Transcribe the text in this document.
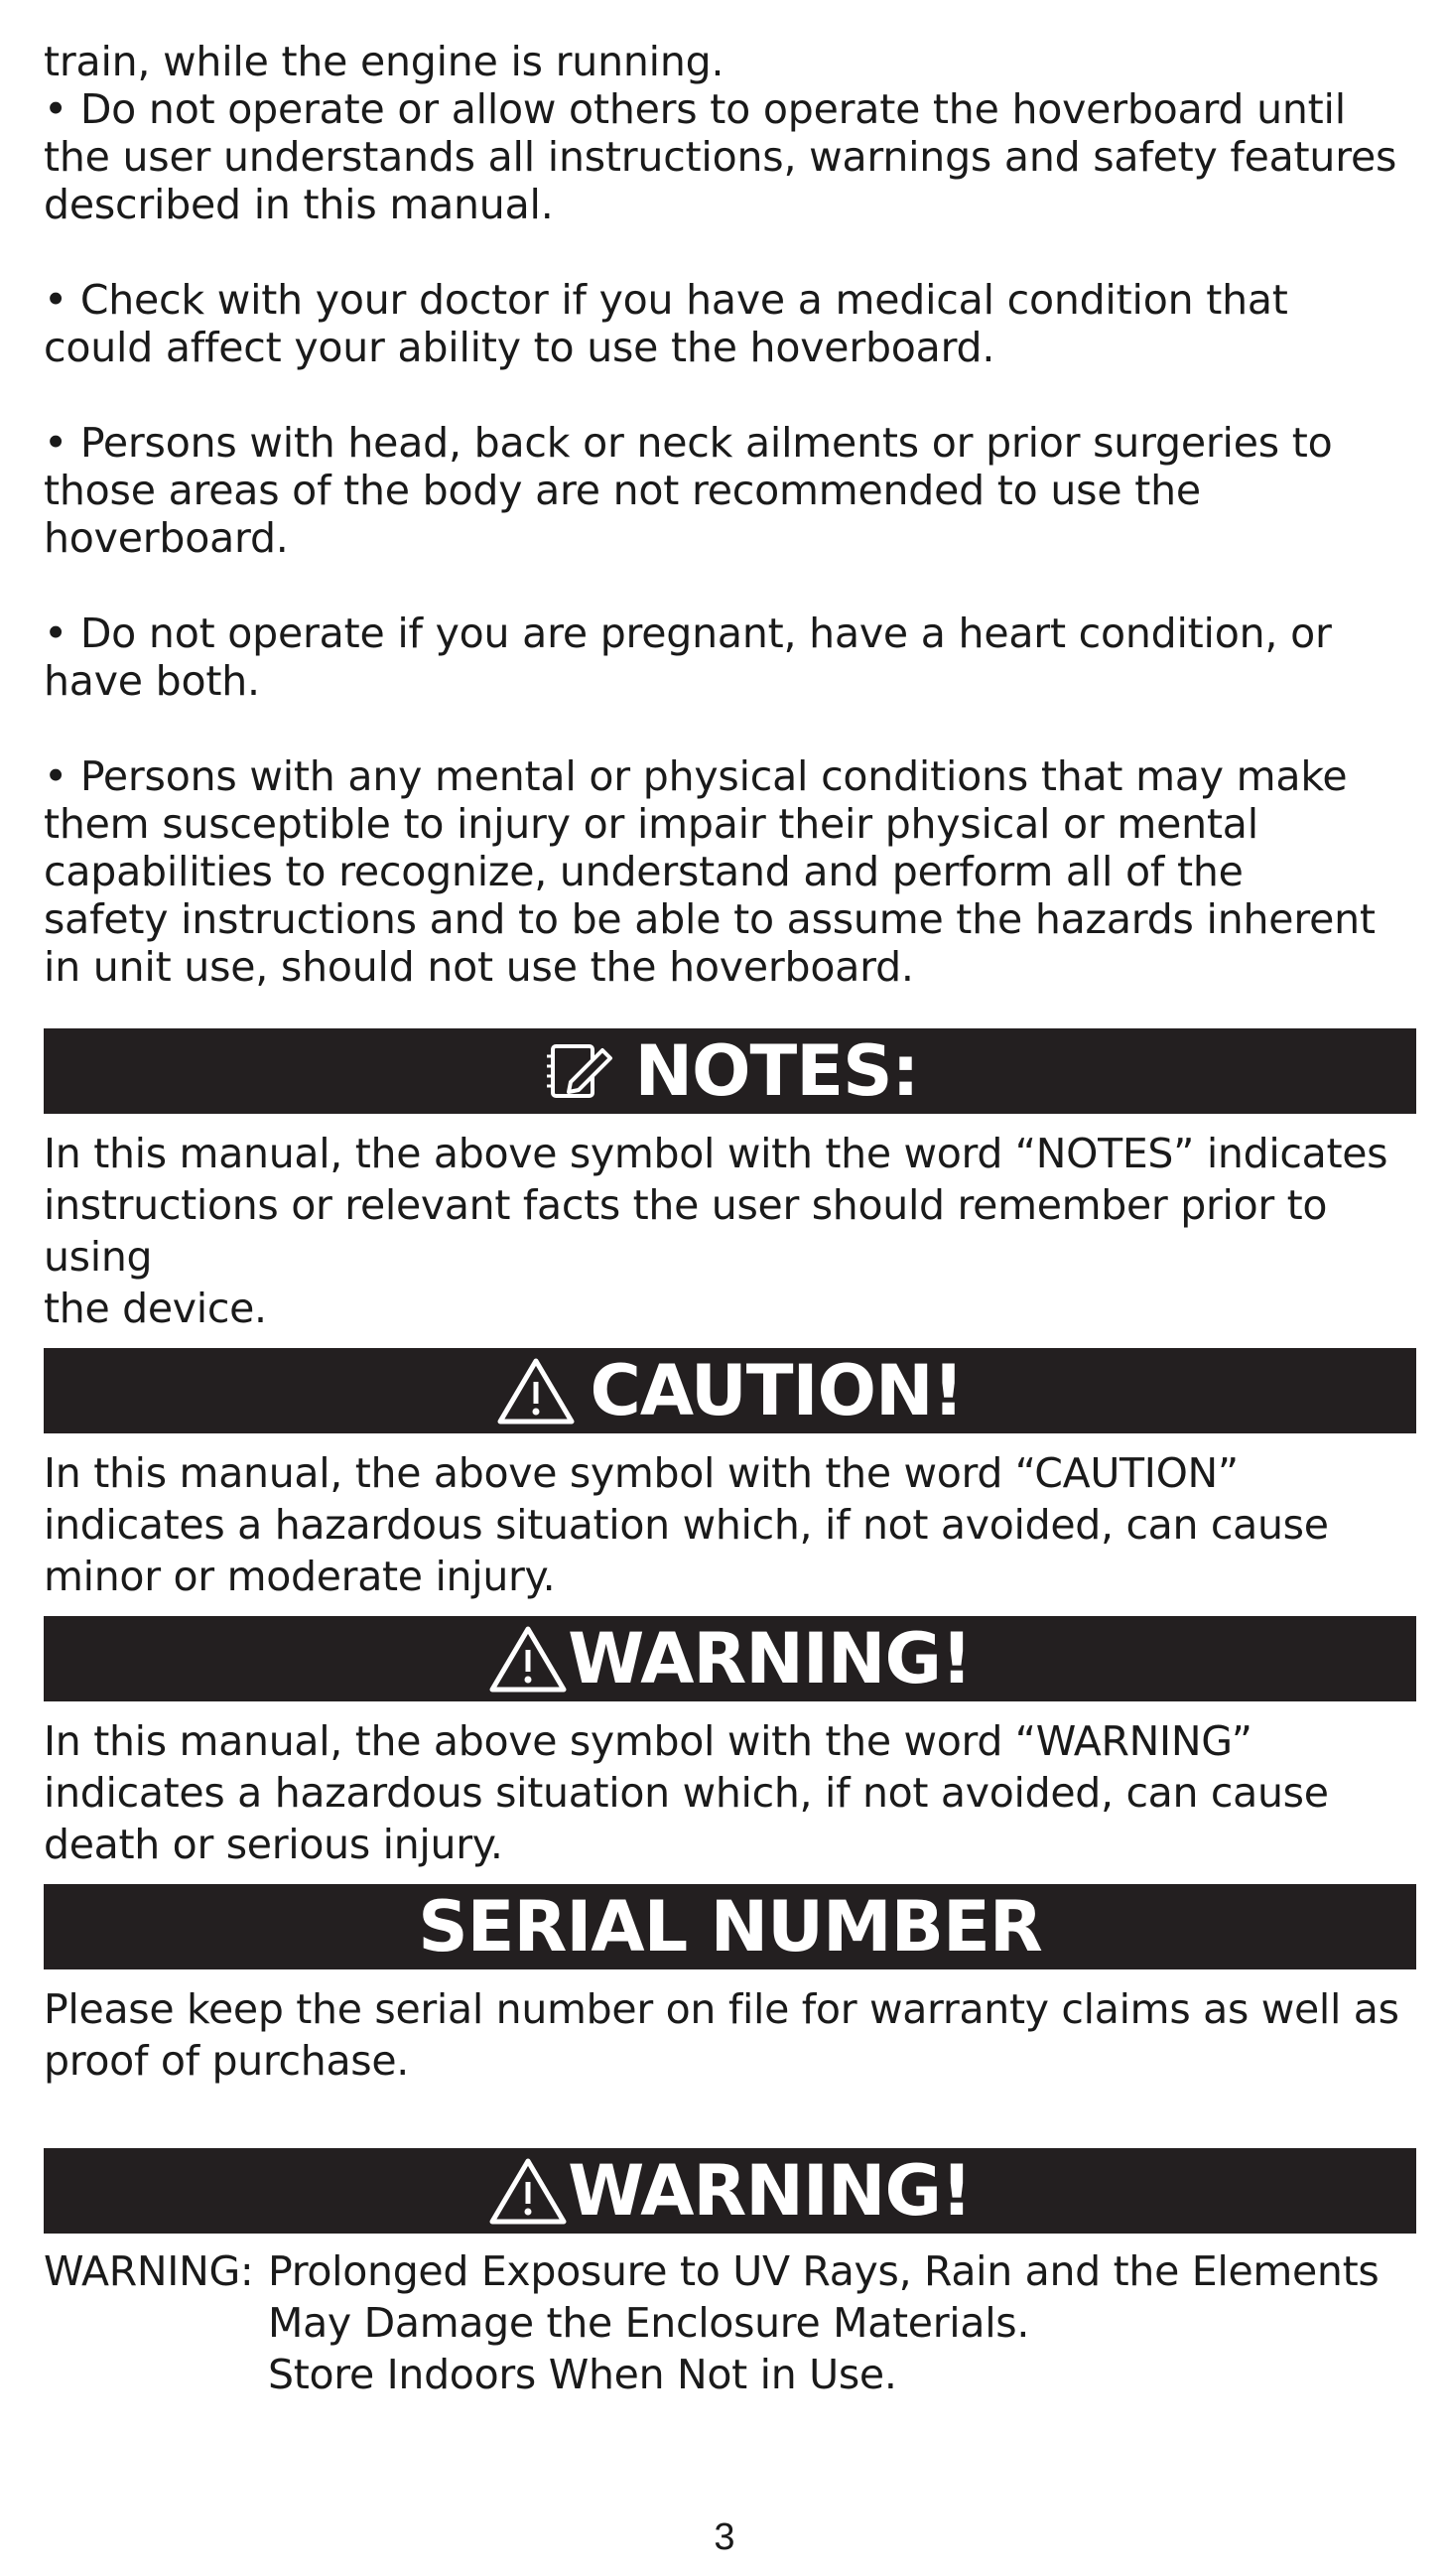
train, while the engine is running.
• Do not operate or allow others to operate the hoverboard until
the user understands all instructions, warnings and safety features
described in this manual.

• Check with your doctor if you have a medical condition that
could affect your ability to use the hoverboard.

• Persons with head, back or neck ailments or prior surgeries to
those areas of the body are not recommended to use the
hoverboard.

• Do not operate if you are pregnant, have a heart condition, or
have both.

• Persons with any mental or physical conditions that may make
them susceptible to injury or impair their physical or mental
capabilities to recognize, understand and perform all of the
safety instructions and to be able to assume the hazards inherent
in unit use, should not use the hoverboard.

NOTES:
In this manual, the above symbol with the word “NOTES” indicates
instructions or relevant facts the user should remember prior to using
the device.
CAUTION!
In this manual, the above symbol with the word “CAUTION”
indicates a hazardous situation which, if not avoided, can cause
minor or moderate injury.
WARNING!
In this manual, the above symbol with the word “WARNING”
indicates a hazardous situation which, if not avoided, can cause
death or serious injury.
SERIAL NUMBER
Please keep the serial number on file for warranty claims as well as
proof of purchase.
WARNING!
WARNING: Prolonged Exposure to UV Rays, Rain and the Elements
May Damage the Enclosure Materials.
Store Indoors When Not in Use.
3
